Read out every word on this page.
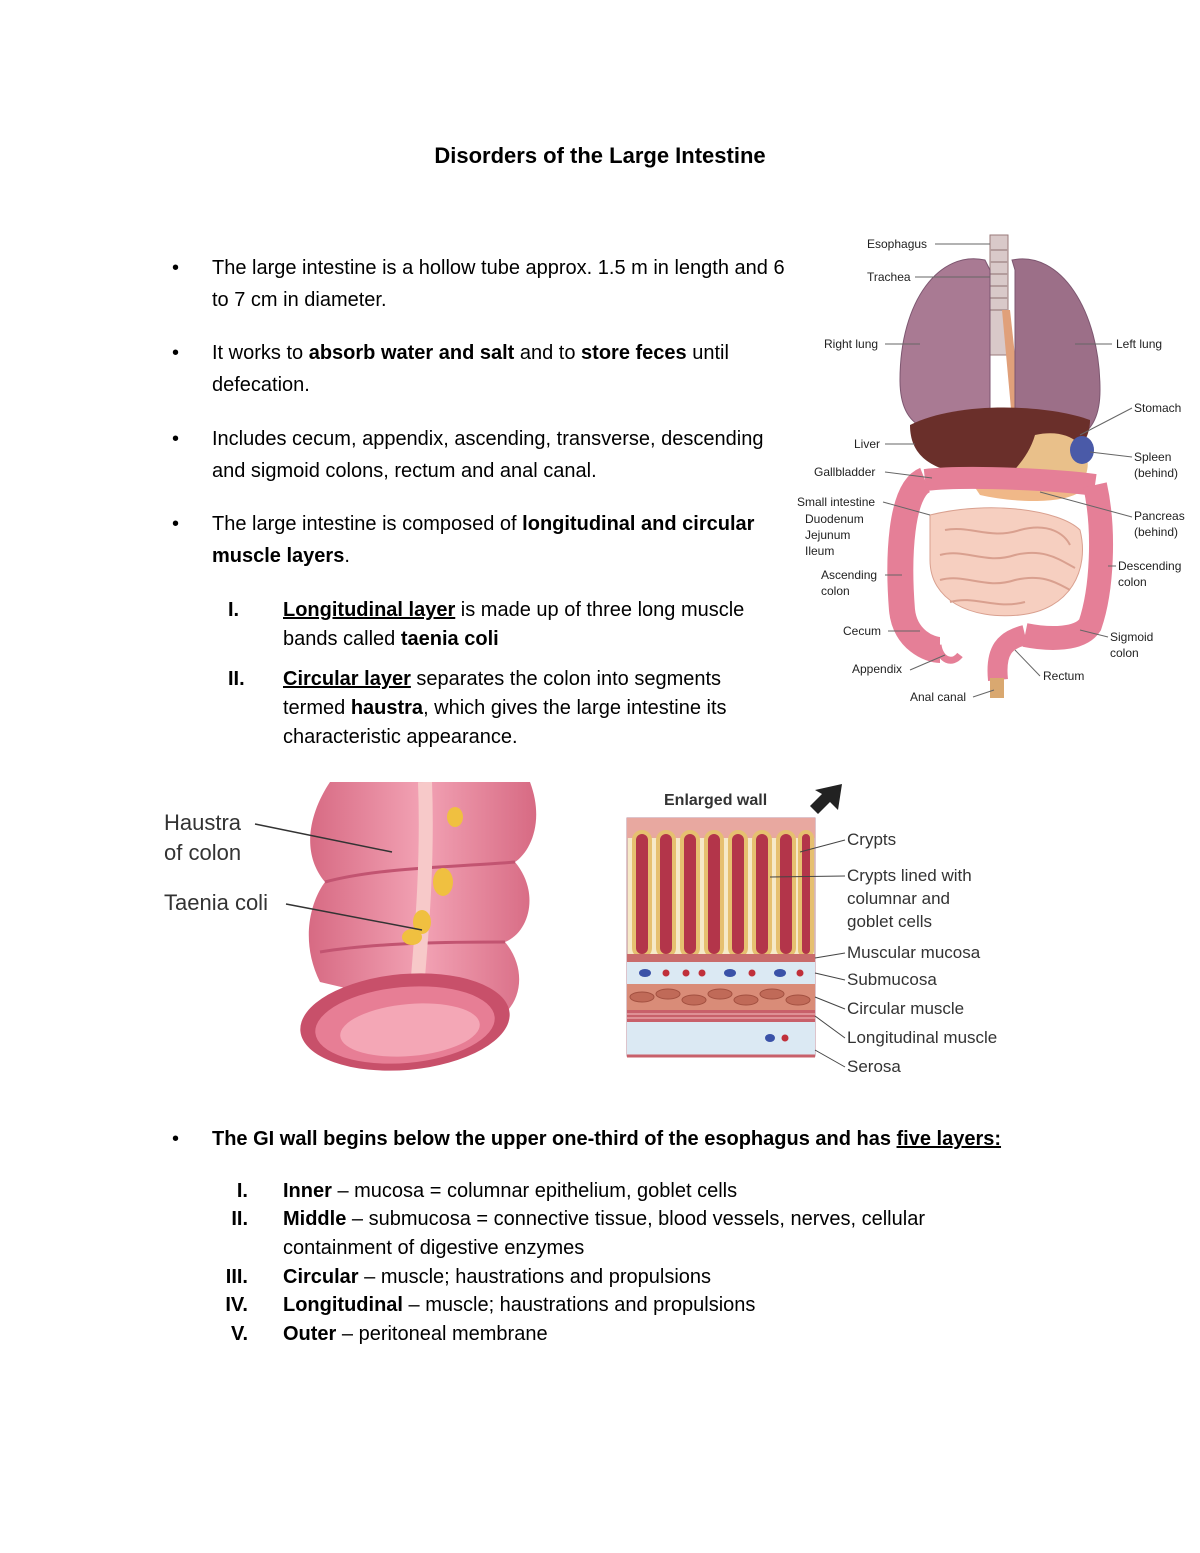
Disorders of the Large Intestine
•	The large intestine is a hollow tube approx. 1.5 m in length and 6 to 7 cm in diameter.
•	It works to absorb water and salt and to store feces until defecation.
•	Includes cecum, appendix, ascending, transverse, descending and sigmoid colons, rectum and anal canal.
•	The large intestine is composed of longitudinal and circular muscle layers.
I.	Longitudinal layer is made up of three long muscle bands called taenia coli
II.	Circular layer separates the colon into segments termed haustra, which gives the large intestine its characteristic appearance.
Esophagus
Trachea
Right lung	Left lung
Stomach
Liver
Spleen
(behind)
Gallbladder
Small intestine
Duodenum
Jejunum
Ileum
Pancreas
(behind)
Ascending
colon
Descending
colon
Cecum	Sigmoid
colon
Appendix	Rectum
Anal canal
Haustra
of colon
Taenia coli
Enlarged wall
Crypts
Crypts lined with
columnar and
goblet cells
Muscular mucosa
Submucosa
Circular muscle
Longitudinal muscle
Serosa
•	The GI wall begins below the upper one-third of the esophagus and has five layers:
I. Inner – mucosa = columnar epithelium, goblet cells
II. Middle – submucosa = connective tissue, blood vessels, nerves, cellular containment of digestive enzymes
III. Circular – muscle; haustrations and propulsions
IV. Longitudinal – muscle; haustrations and propulsions
V. Outer – peritoneal membrane
